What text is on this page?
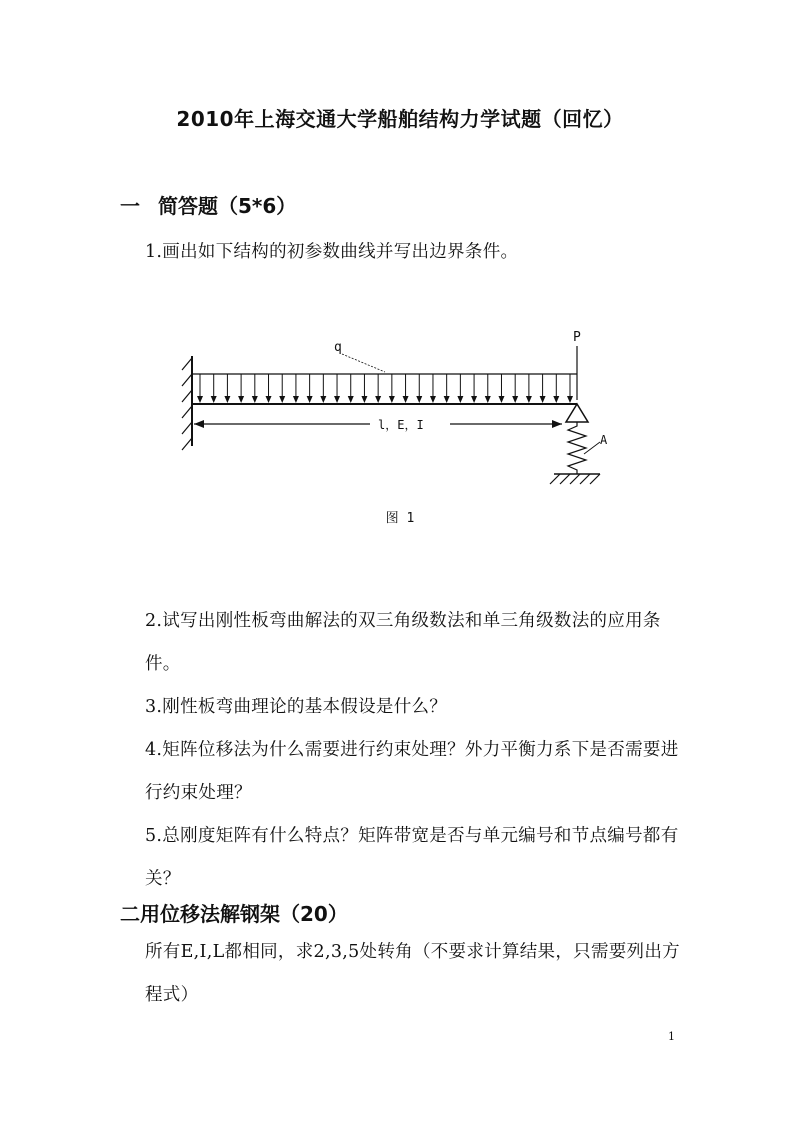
2010年上海交通大学船舶结构力学试题（回忆）
一 简答题（5*6）
1.画出如下结构的初参数曲线并写出边界条件。
q
P
l，E，I
A
图 1
2.试写出刚性板弯曲解法的双三角级数法和单三角级数法的应用条件。
3.刚性板弯曲理论的基本假设是什么？
4.矩阵位移法为什么需要进行约束处理？外力平衡力系下是否需要进行约束处理？
5.总刚度矩阵有什么特点？矩阵带宽是否与单元编号和节点编号都有关？
二用位移法解钢架（20）
所有E,I,L都相同，求2,3,5处转角（不要求计算结果，只需要列出方程式）
1
